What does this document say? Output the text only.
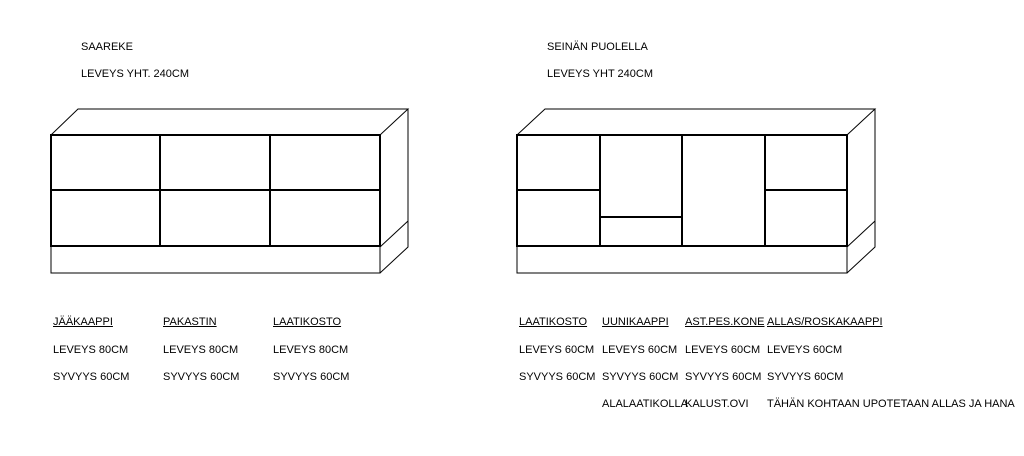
SAAREKE
LEVEYS YHT. 240CM
JÄÄKAAPPI
LEVEYS 80CM
SYVYYS 60CM
PAKASTIN
LEVEYS 80CM
SYVYYS 60CM
LAATIKOSTO
LEVEYS 80CM
SYVYYS 60CM
SEINÄN PUOLELLA
LEVEYS YHT 240CM
LAATIKOSTO
LEVEYS 60CM
SYVYYS 60CM
UUNIKAAPPI
LEVEYS 60CM
SYVYYS 60CM
ALALAATIKOLLA
AST.PES.KONE
LEVEYS 60CM
SYVYYS 60CM
KALUST.OVI
ALLAS/ROSKAKAAPPI
LEVEYS 60CM
SYVYYS 60CM
TÄHÄN KOHTAAN UPOTETAAN ALLAS JA HANA
